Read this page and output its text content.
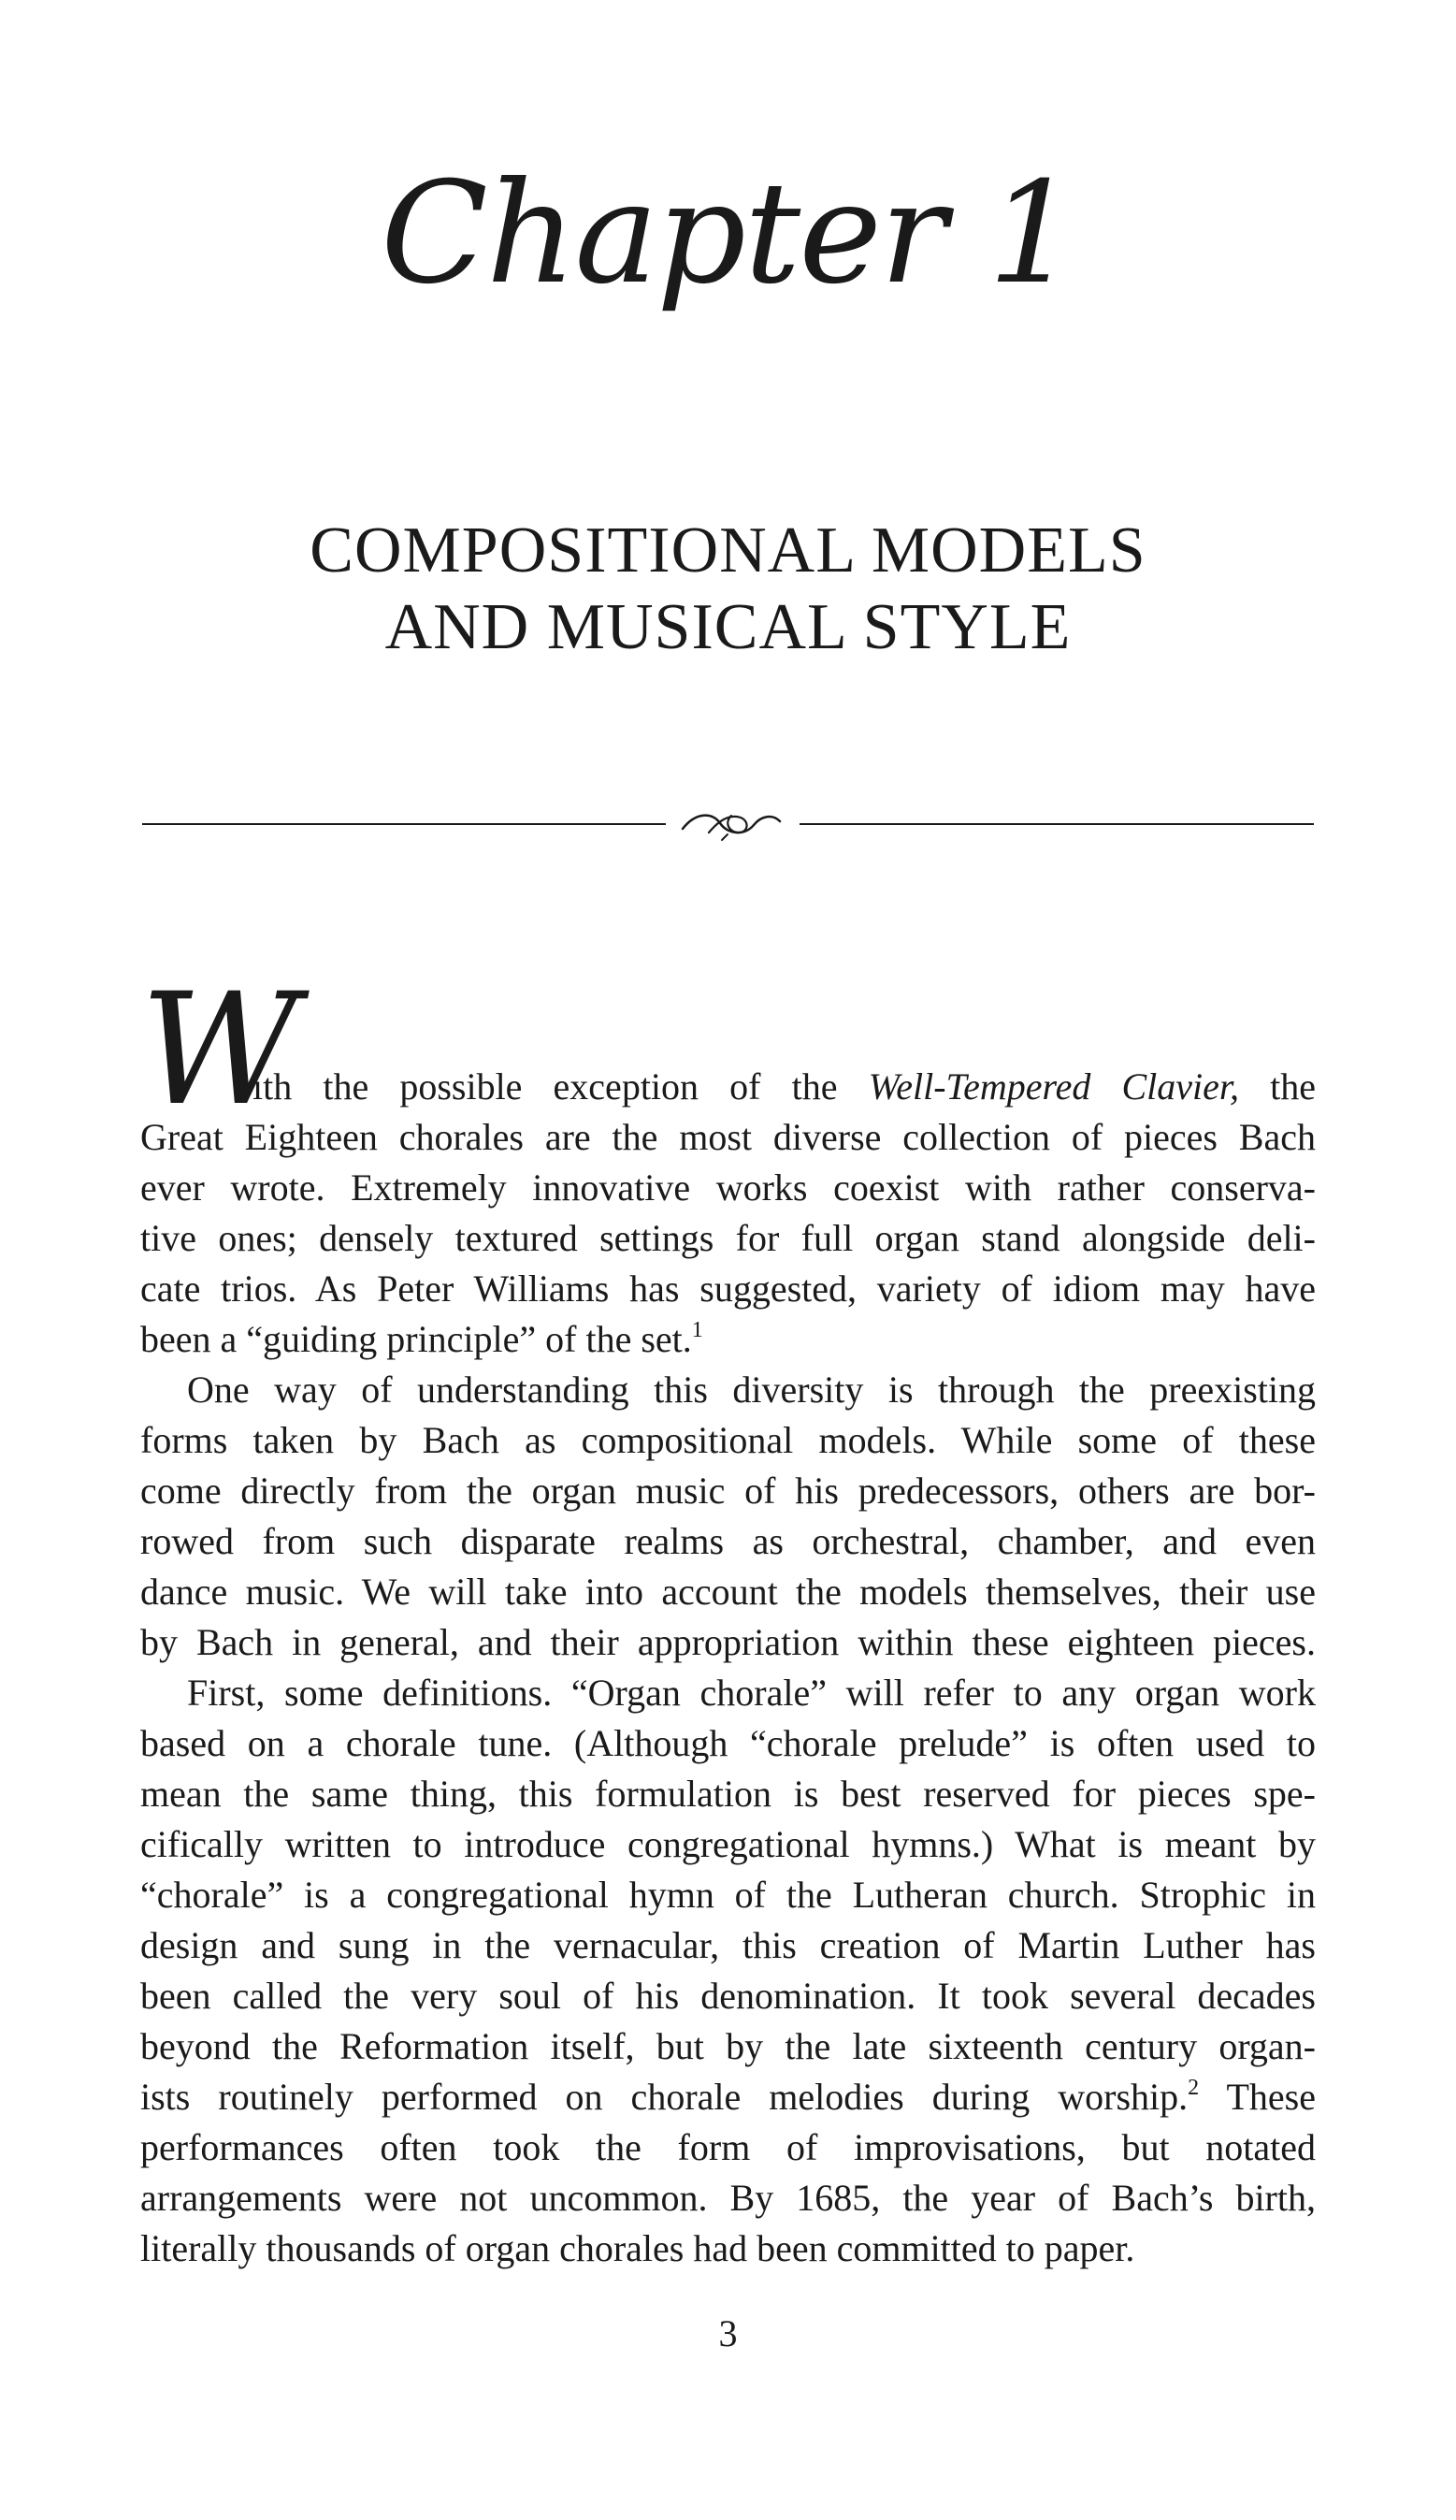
Chapter 1
COMPOSITIONAL MODELS
AND MUSICAL STYLE
W
ith the possible exception of the Well-Tempered Clavier, the
Great Eighteen chorales are the most diverse collection of pieces Bach
ever wrote. Extremely innovative works coexist with rather conserva-
tive ones; densely textured settings for full organ stand alongside deli-
cate trios. As Peter Williams has suggested, variety of idiom may have
been a “guiding principle” of the set.$^1$
One way of understanding this diversity is through the preexisting
forms taken by Bach as compositional models. While some of these
come directly from the organ music of his predecessors, others are bor-
rowed from such disparate realms as orchestral, chamber, and even
dance music. We will take into account the models themselves, their use
by Bach in general, and their appropriation within these eighteen pieces.
First, some definitions. “Organ chorale” will refer to any organ work
based on a chorale tune. (Although “chorale prelude” is often used to
mean the same thing, this formulation is best reserved for pieces spe-
cifically written to introduce congregational hymns.) What is meant by
“chorale” is a congregational hymn of the Lutheran church. Strophic in
design and sung in the vernacular, this creation of Martin Luther has
been called the very soul of his denomination. It took several decades
beyond the Reformation itself, but by the late sixteenth century organ-
ists routinely performed on chorale melodies during worship.$^2$ These
performances often took the form of improvisations, but notated
arrangements were not uncommon. By 1685, the year of Bach’s birth,
literally thousands of organ chorales had been committed to paper.
3
